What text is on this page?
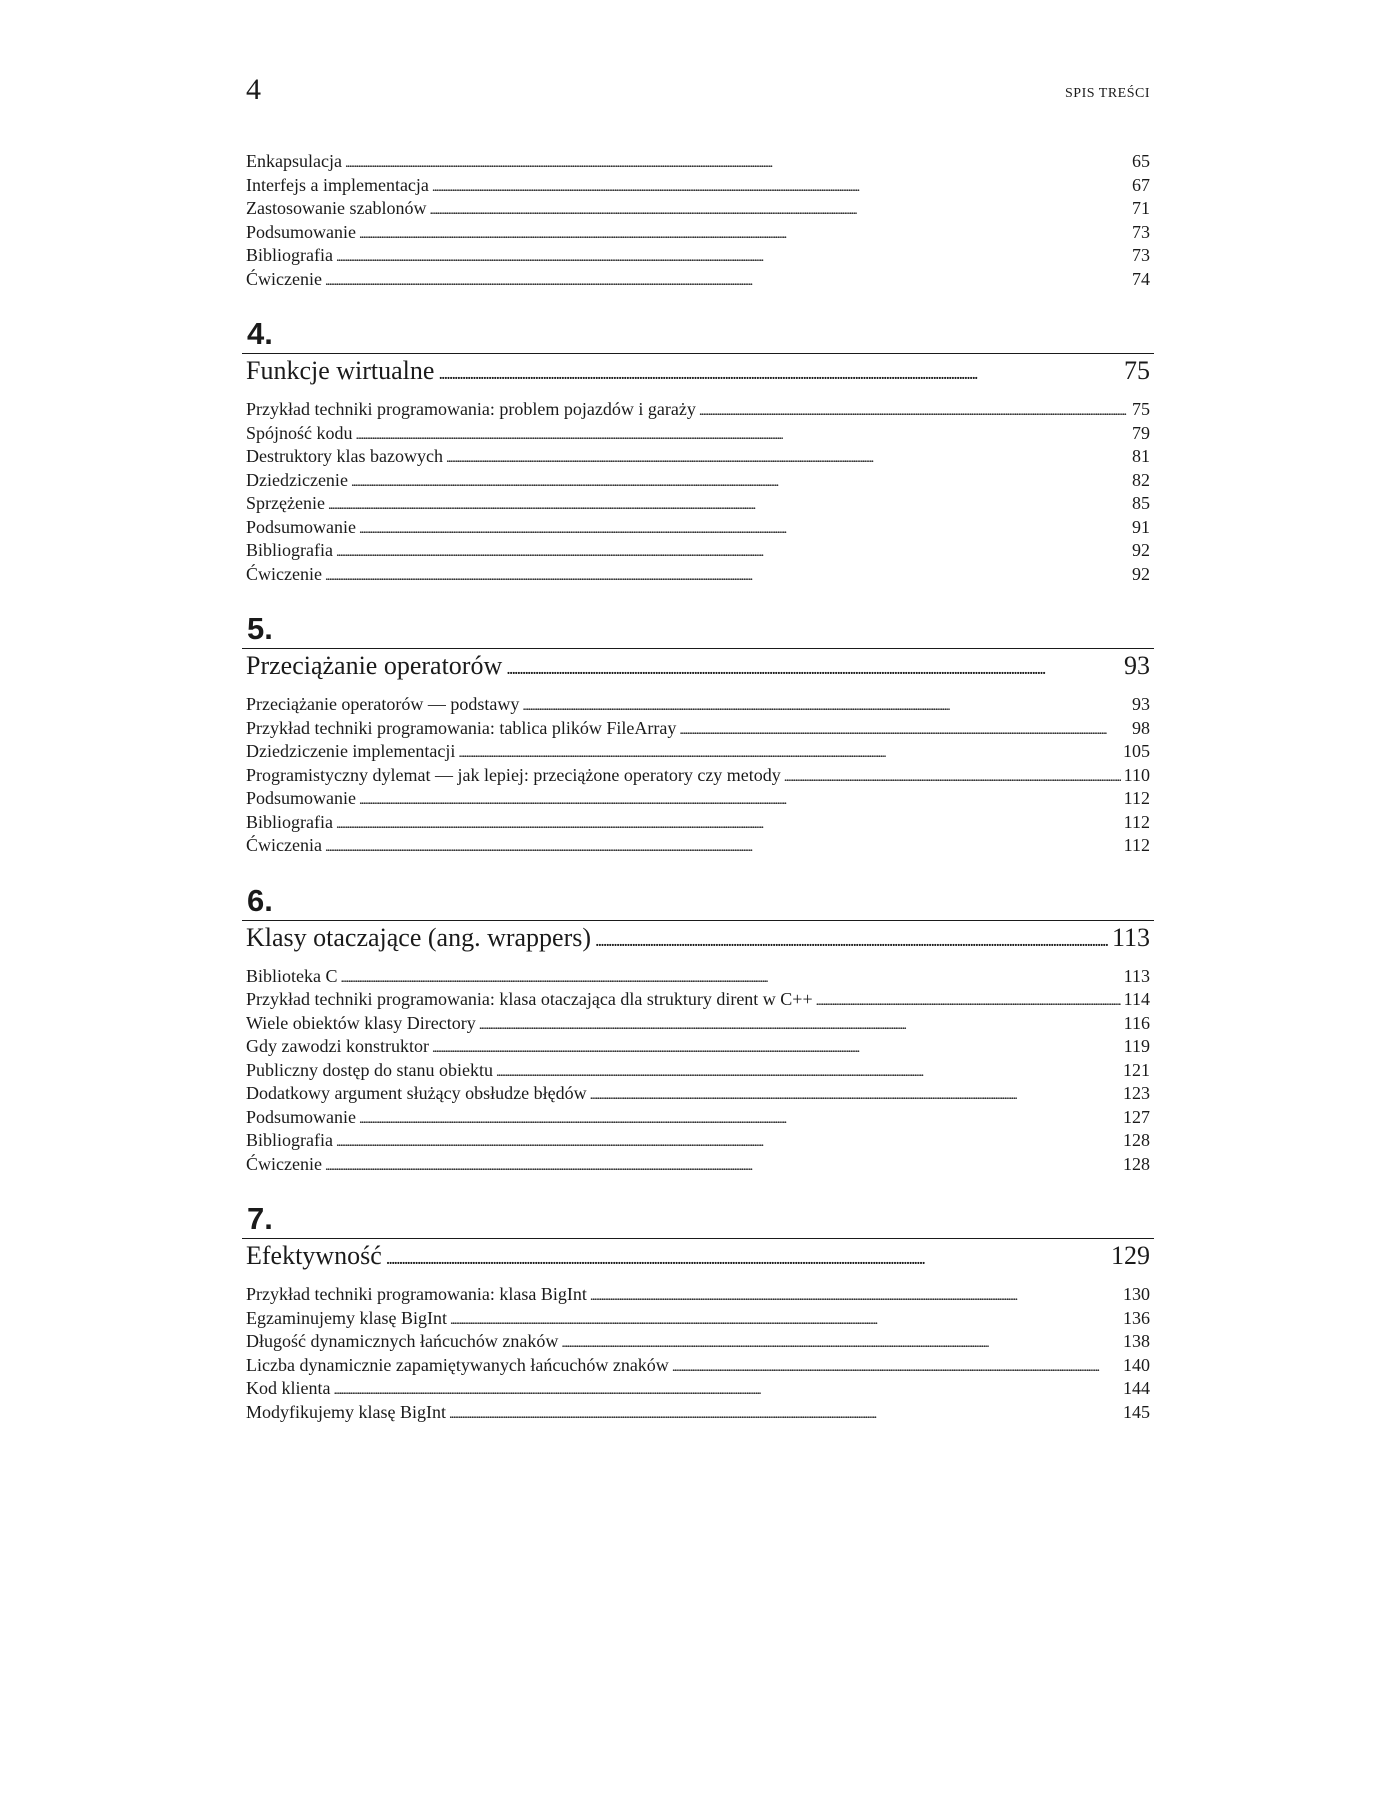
4	SPIS TREŚCI
Enkapsulacja . . .	65
Interfejs a implementacja . . .	67
Zastosowanie szablonów . . .	71
Podsumowanie . . .	73
Bibliografia . . .	73
Ćwiczenie . . .	74
4.
Funkcje wirtualne . . .	75
Przykład techniki programowania: problem pojazdów i garaży . . .	75
Spójność kodu . . .	79
Destruktory klas bazowych . . .	81
Dziedziczenie . . .	82
Sprzężenie . . .	85
Podsumowanie . . .	91
Bibliografia . . .	92
Ćwiczenie . . .	92
5.
Przeciążanie operatorów . . .	93
Przeciążanie operatorów — podstawy . . .	93
Przykład techniki programowania: tablica plików FileArray . . .	98
Dziedziczenie implementacji . . .	105
Programistyczny dylemat — jak lepiej: przeciążone operatory czy metody . . .	110
Podsumowanie . . .	112
Bibliografia . . .	112
Ćwiczenia . . .	112
6.
Klasy otaczające (ang. wrappers) . . .	113
Biblioteka C . . .	113
Przykład techniki programowania: klasa otaczająca dla struktury dirent w C++ . . .	114
Wiele obiektów klasy Directory . . .	116
Gdy zawodzi konstruktor . . .	119
Publiczny dostęp do stanu obiektu . . .	121
Dodatkowy argument służący obsłudze błędów . . .	123
Podsumowanie . . .	127
Bibliografia . . .	128
Ćwiczenie . . .	128
7.
Efektywność . . .	129
Przykład techniki programowania: klasa BigInt . . .	130
Egzaminujemy klasę BigInt . . .	136
Długość dynamicznych łańcuchów znaków . . .	138
Liczba dynamicznie zapamiętywanych łańcuchów znaków . . .	140
Kod klienta . . .	144
Modyfikujemy klasę BigInt . . .	145
